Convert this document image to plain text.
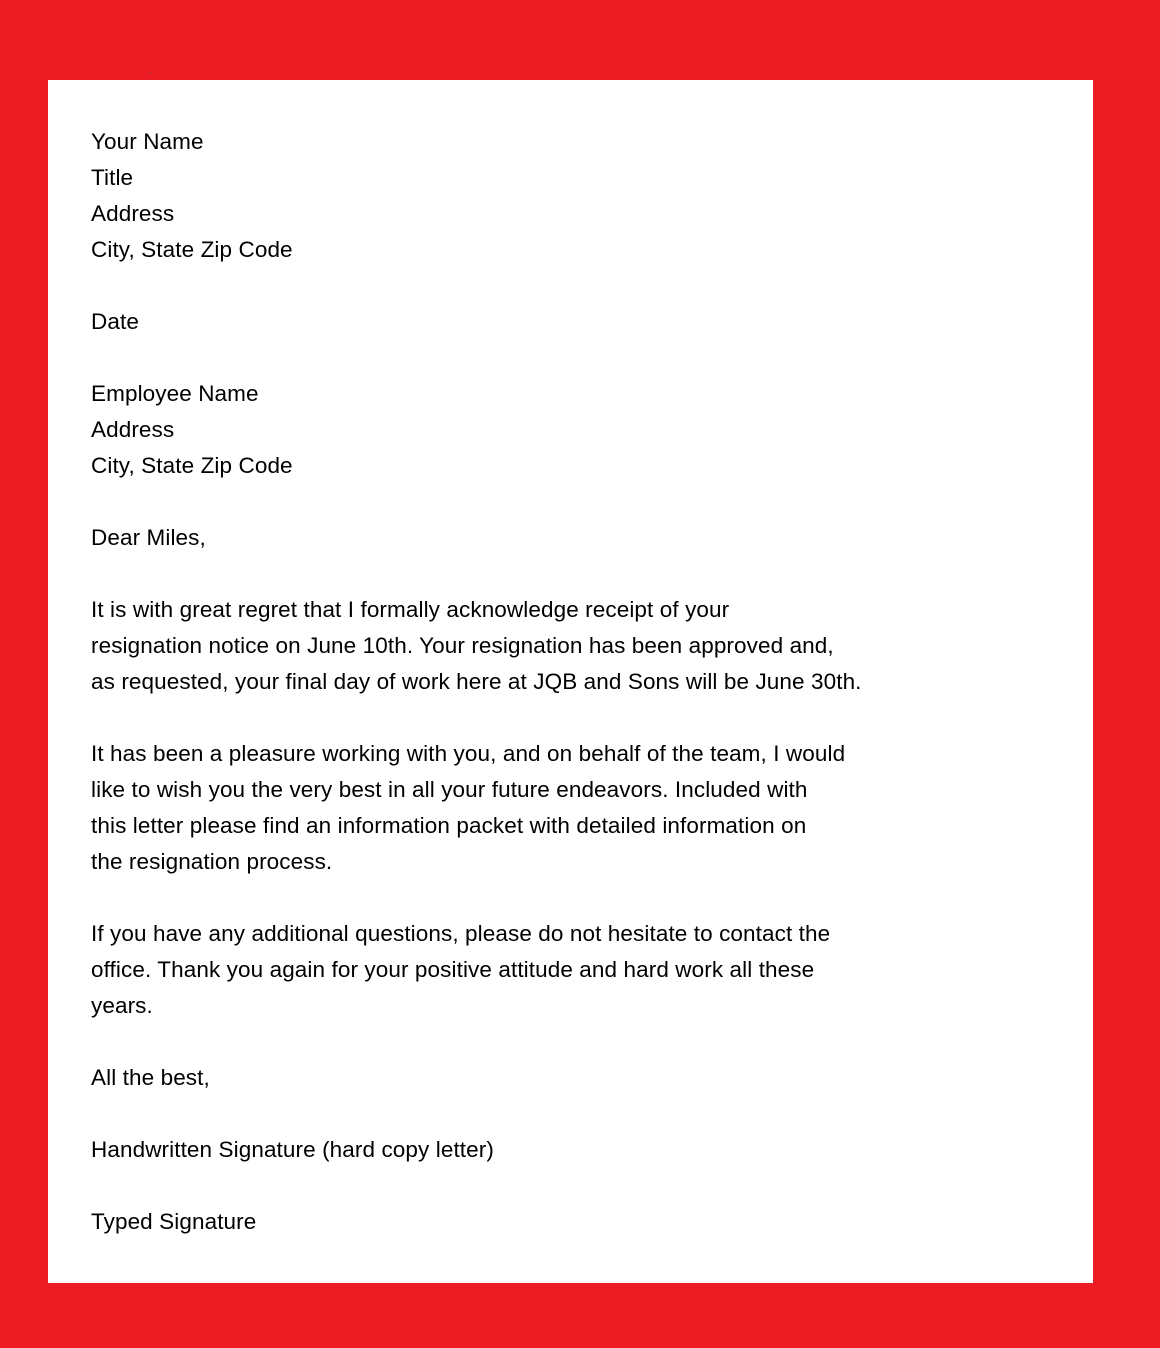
Your Name
Title
Address
City, State Zip Code
Date
Employee Name
Address
City, State Zip Code
Dear Miles,
It is with great regret that I formally acknowledge receipt of your
resignation notice on June 10th. Your resignation has been approved and,
as requested, your final day of work here at JQB and Sons will be June 30th.
It has been a pleasure working with you, and on behalf of the team, I would
like to wish you the very best in all your future endeavors. Included with
this letter please find an information packet with detailed information on
the resignation process.
If you have any additional questions, please do not hesitate to contact the
office. Thank you again for your positive attitude and hard work all these
years.
All the best,
Handwritten Signature (hard copy letter)
Typed Signature
